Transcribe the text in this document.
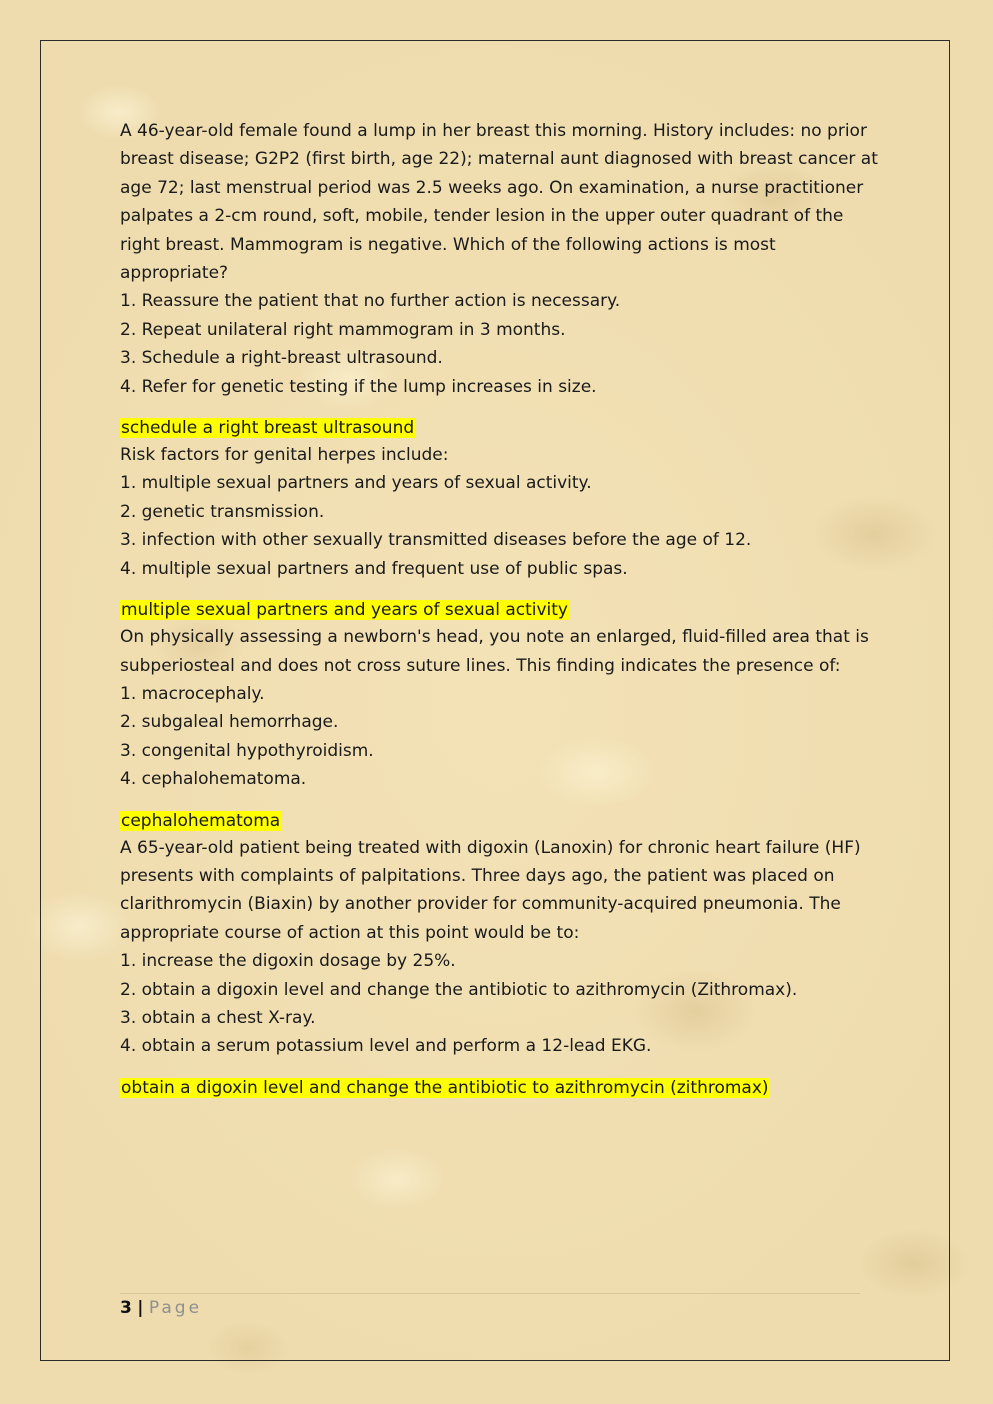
A 46-year-old female found a lump in her breast this morning. History includes: no prior breast disease; G2P2 (first birth, age 22); maternal aunt diagnosed with breast cancer at age 72; last menstrual period was 2.5 weeks ago. On examination, a nurse practitioner palpates a 2-cm round, soft, mobile, tender lesion in the upper outer quadrant of the right breast. Mammogram is negative. Which of the following actions is most appropriate?

1. Reassure the patient that no further action is necessary.
2. Repeat unilateral right mammogram in 3 months.
3. Schedule a right-breast ultrasound.
4. Refer for genetic testing if the lump increases in size.

schedule a right breast ultrasound

Risk factors for genital herpes include:

1. multiple sexual partners and years of sexual activity.
2. genetic transmission.
3. infection with other sexually transmitted diseases before the age of 12.
4. multiple sexual partners and frequent use of public spas.

multiple sexual partners and years of sexual activity

On physically assessing a newborn's head, you note an enlarged, fluid-filled area that is subperiosteal and does not cross suture lines. This finding indicates the presence of:

1. macrocephaly.
2. subgaleal hemorrhage.
3. congenital hypothyroidism.
4. cephalohematoma.

cephalohematoma

A 65-year-old patient being treated with digoxin (Lanoxin) for chronic heart failure (HF) presents with complaints of palpitations. Three days ago, the patient was placed on clarithromycin (Biaxin) by another provider for community-acquired pneumonia. The appropriate course of action at this point would be to:

1. increase the digoxin dosage by 25%.
2. obtain a digoxin level and change the antibiotic to azithromycin (Zithromax).
3. obtain a chest X-ray.
4. obtain a serum potassium level and perform a 12-lead EKG.

obtain a digoxin level and change the antibiotic to azithromycin (zithromax)

3 | Page
